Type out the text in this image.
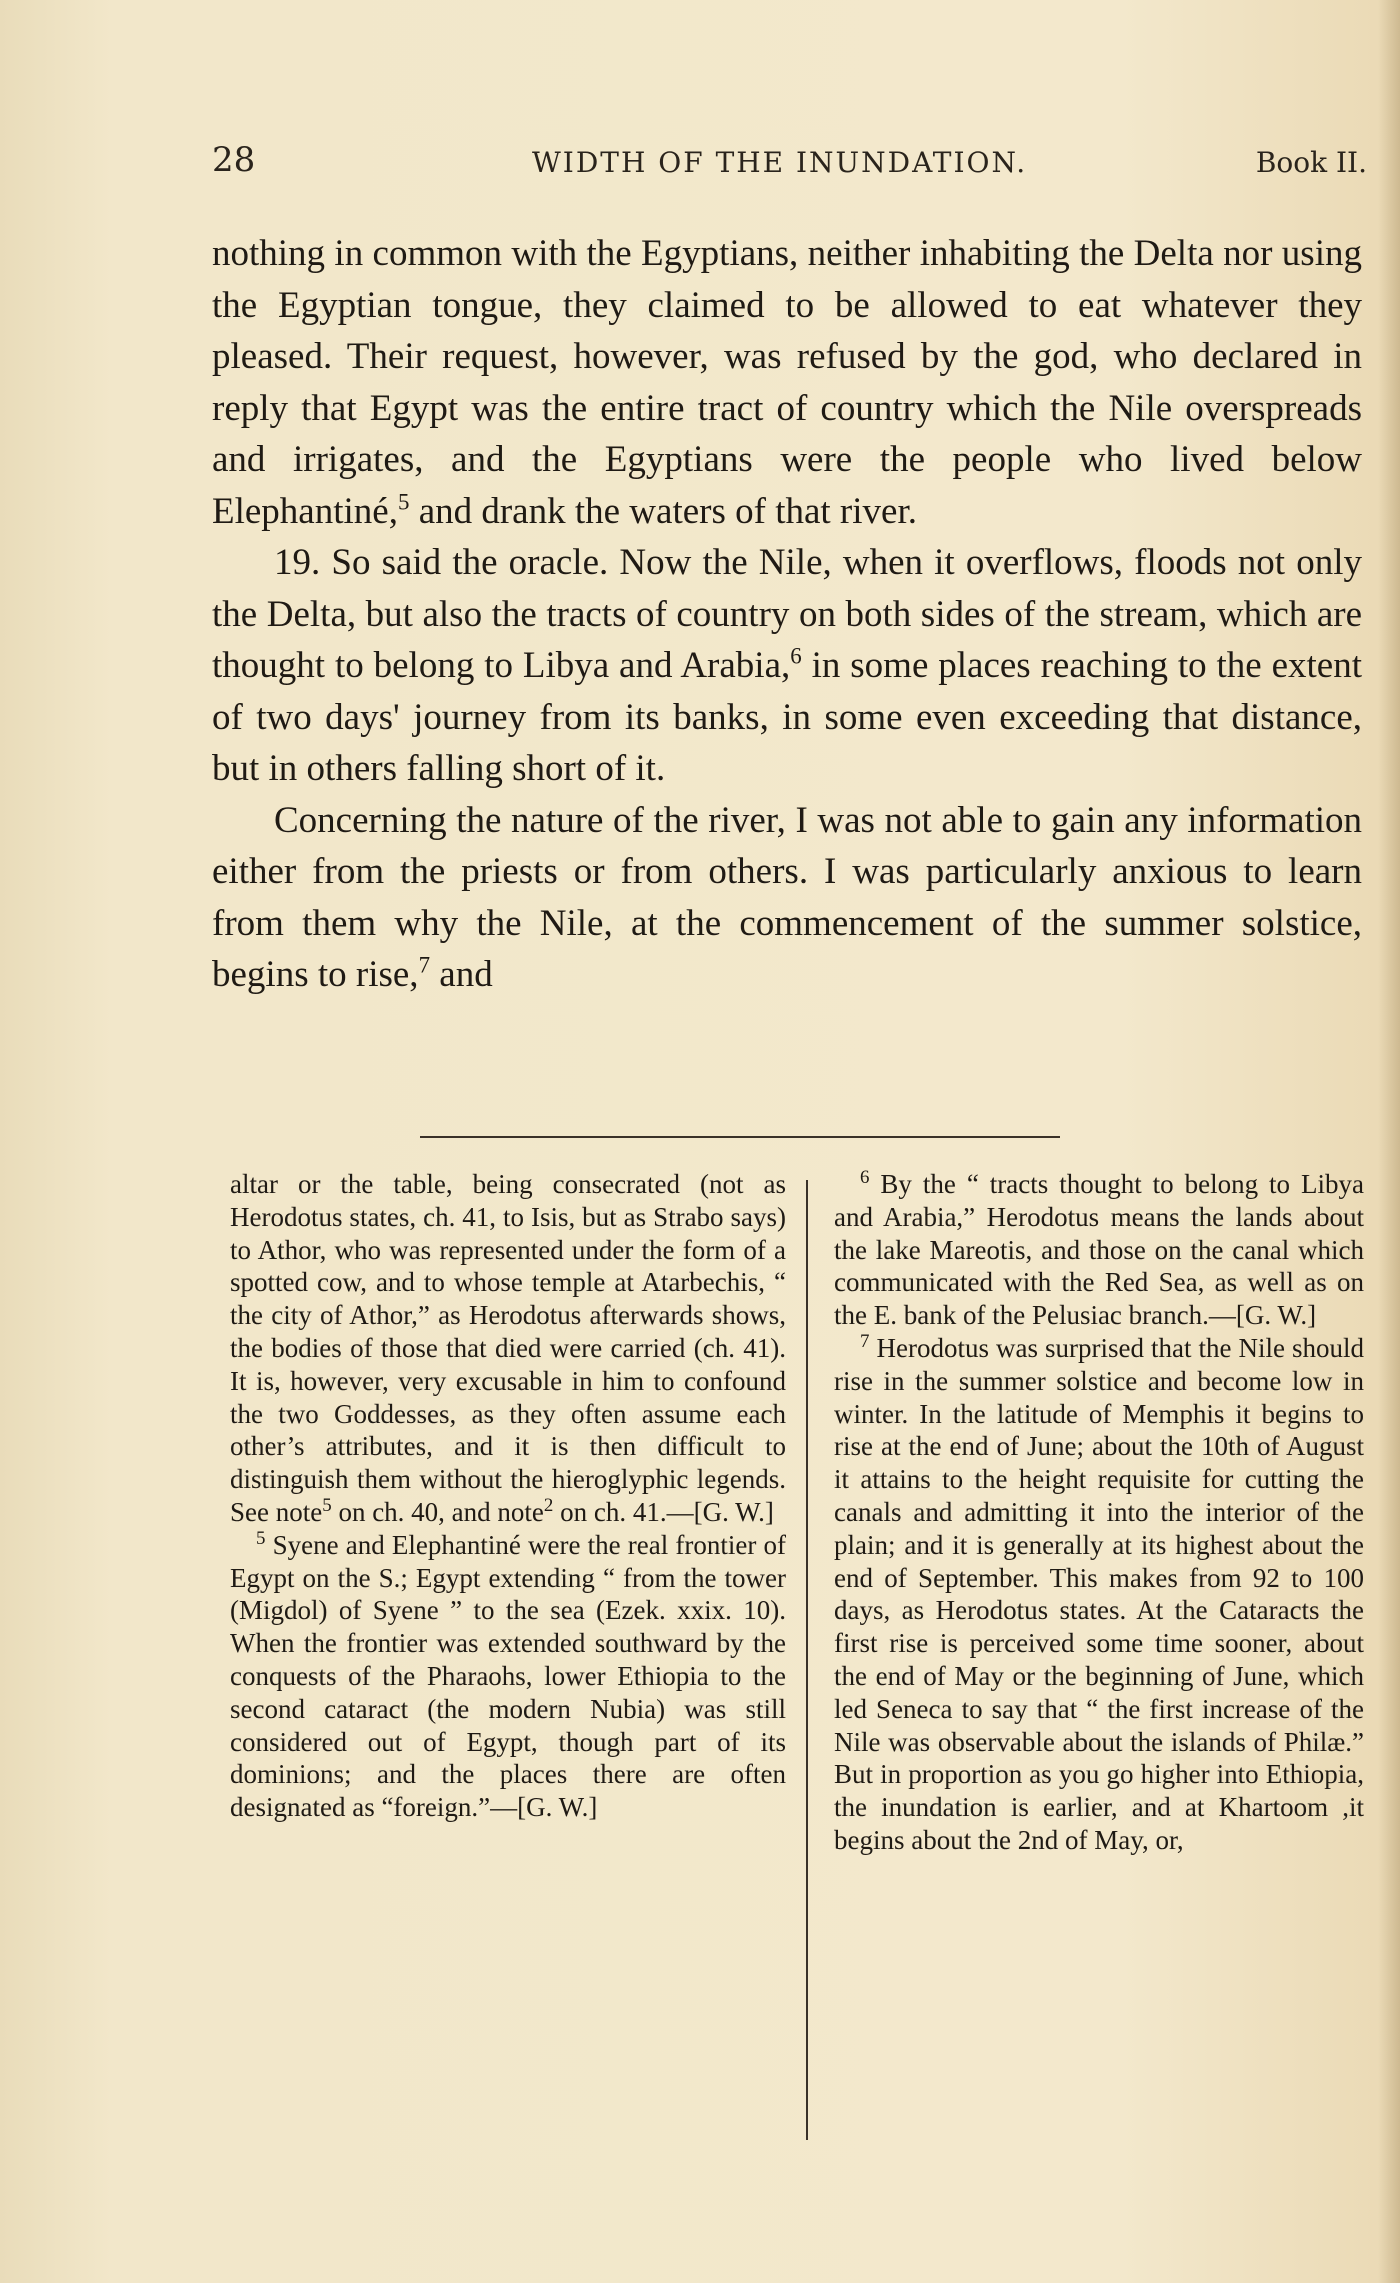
28	WIDTH OF THE INUNDATION.	Book II.

nothing in common with the Egyptians, neither inhabiting the Delta nor using the Egyptian tongue, they claimed to be allowed to eat whatever they pleased. Their request, however, was refused by the god, who declared in reply that Egypt was the entire tract of country which the Nile overspreads and irrigates, and the Egyptians were the people who lived below Elephantiné,$^5$ and drank the waters of that river.

19. So said the oracle. Now the Nile, when it overflows, floods not only the Delta, but also the tracts of country on both sides of the stream, which are thought to belong to Libya and Arabia,$^6$ in some places reaching to the extent of two days' journey from its banks, in some even exceeding that distance, but in others falling short of it.

Concerning the nature of the river, I was not able to gain any information either from the priests or from others. I was particularly anxious to learn from them why the Nile, at the commencement of the summer solstice, begins to rise,$^7$ and

altar or the table, being consecrated (not as Herodotus states, ch. 41, to Isis, but as Strabo says) to Athor, who was represented under the form of a spotted cow, and to whose temple at Atarbechis, “ the city of Athor,” as Herodotus afterwards shows, the bodies of those that died were carried (ch. 41). It is, however, very excusable in him to confound the two Goddesses, as they often assume each other’s attributes, and it is then difficult to distinguish them without the hieroglyphic legends. See note$^5$ on ch. 40, and note$^2$ on ch. 41.—[G. W.]

$^5$ Syene and Elephantiné were the real frontier of Egypt on the S.; Egypt extending “ from the tower (Migdol) of Syene ” to the sea (Ezek. xxix. 10). When the frontier was extended southward by the conquests of the Pharaohs, lower Ethiopia to the second cataract (the modern Nubia) was still considered out of Egypt, though part of its dominions; and the places there are often designated as “foreign.”—[G. W.]

$^6$ By the “ tracts thought to belong to Libya and Arabia,” Herodotus means the lands about the lake Mareotis, and those on the canal which communicated with the Red Sea, as well as on the E. bank of the Pelusiac branch.—[G. W.]

$^7$ Herodotus was surprised that the Nile should rise in the summer solstice and become low in winter. In the latitude of Memphis it begins to rise at the end of June; about the 10th of August it attains to the height requisite for cutting the canals and admitting it into the interior of the plain; and it is generally at its highest about the end of September. This makes from 92 to 100 days, as Herodotus states. At the Cataracts the first rise is perceived some time sooner, about the end of May or the beginning of June, which led Seneca to say that “ the first increase of the Nile was observable about the islands of Philæ.” But in proportion as you go higher into Ethiopia, the inundation is earlier, and at Khartoom ,it begins about the 2nd of May, or,
